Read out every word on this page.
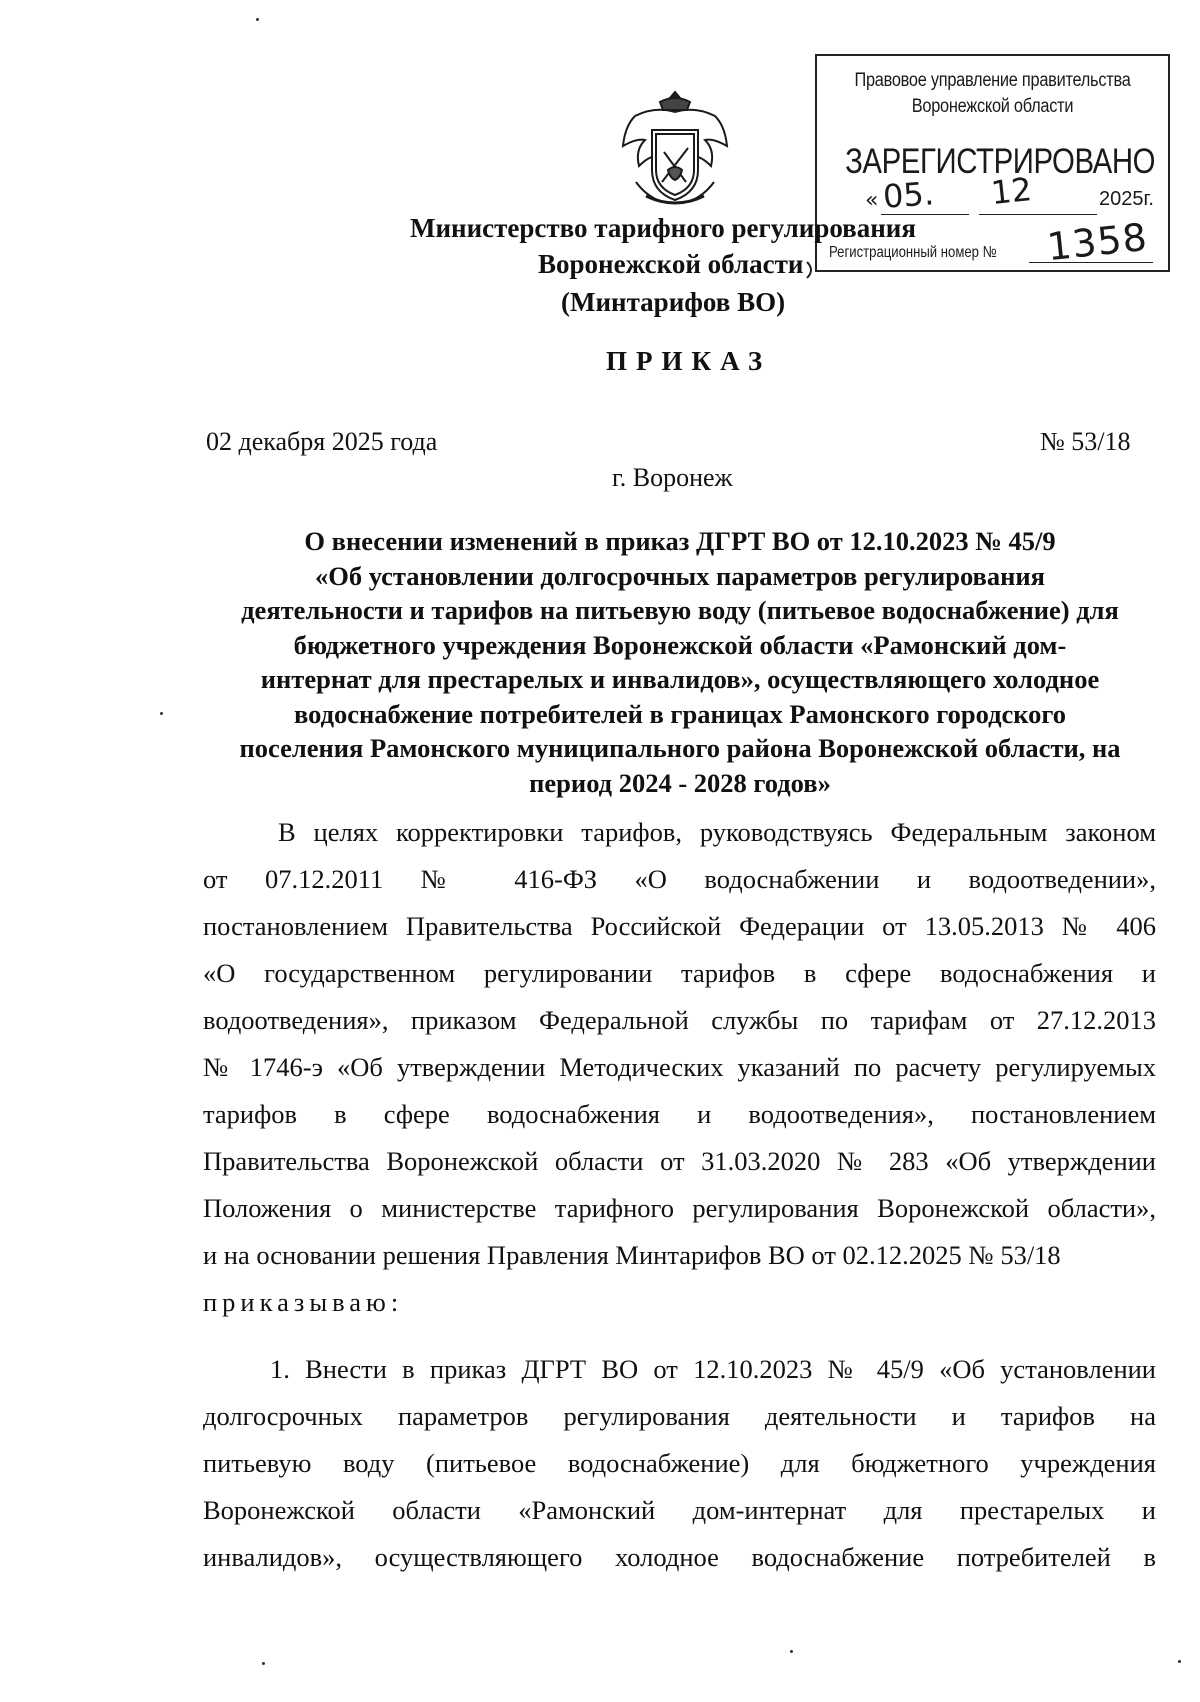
Правовое управление правительства
Воронежской области
ЗАРЕГИСТРИРОВАНО
« 05. 12	2025г.
Регистрационный номер № 1358
Министерство тарифного регулирования
Воронежской области
(Минтарифов ВО)
ПРИКАЗ
02 декабря 2025 года	№ 53/18
г. Воронеж
О внесении изменений в приказ ДГРТ ВО от 12.10.2023 № 45/9
«Об установлении долгосрочных параметров регулирования
деятельности и тарифов на питьевую воду (питьевое водоснабжение) для
бюджетного учреждения Воронежской области «Рамонский дом-
интернат для престарелых и инвалидов», осуществляющего холодное
водоснабжение потребителей в границах Рамонского городского
поселения Рамонского муниципального района Воронежской области, на
период 2024 - 2028 годов»
В целях корректировки тарифов, руководствуясь Федеральным законом
от 07.12.2011 № 416-ФЗ «О водоснабжении и водоотведении»,
постановлением Правительства Российской Федерации от 13.05.2013 № 406
«О государственном регулировании тарифов в сфере водоснабжения и
водоотведения», приказом Федеральной службы по тарифам от 27.12.2013
№ 1746-э «Об утверждении Методических указаний по расчету регулируемых
тарифов в сфере водоснабжения и водоотведения», постановлением
Правительства Воронежской области от 31.03.2020 № 283 «Об утверждении
Положения о министерстве тарифного регулирования Воронежской области»,
и на основании решения Правления Минтарифов ВО от 02.12.2025 № 53/18
приказываю:
1. Внести в приказ ДГРТ ВО от 12.10.2023 № 45/9 «Об установлении
долгосрочных параметров регулирования деятельности и тарифов на
питьевую воду (питьевое водоснабжение) для бюджетного учреждения
Воронежской области «Рамонский дом-интернат для престарелых и
инвалидов», осуществляющего холодное водоснабжение потребителей в
